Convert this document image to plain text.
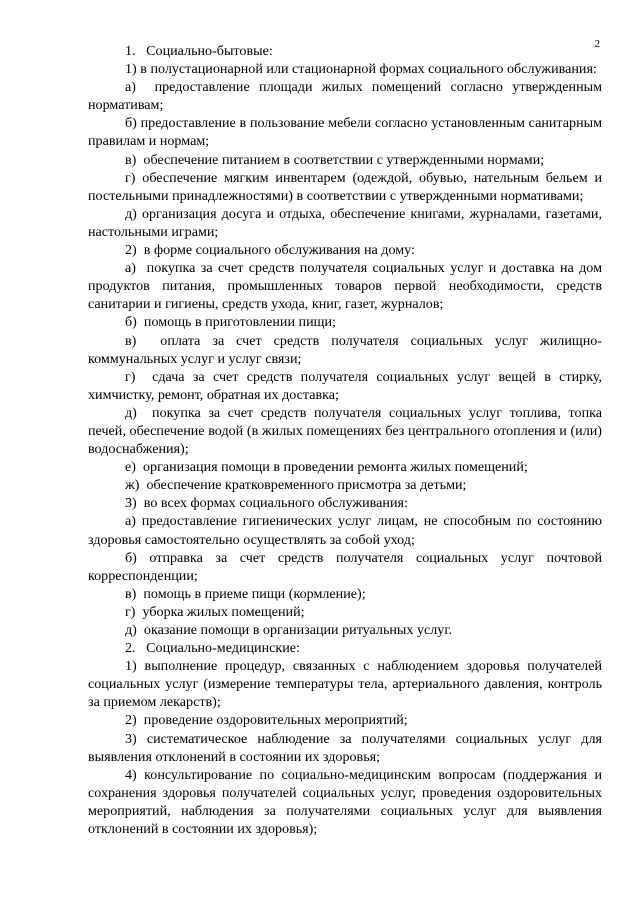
2

1.   Социально-бытовые:

1) в полустационарной или стационарной формах социального обслуживания:

а)  предоставление площади жилых помещений согласно утвержденным нормативам;

б) предоставление в пользование мебели согласно установленным санитарным правилам и нормам;

в)  обеспечение питанием в соответствии с утвержденными нормами;

г) обеспечение мягким инвентарем (одеждой, обувью, нательным бельем и постельными принадлежностями) в соответствии с утвержденными нормативами;

д) организация досуга и отдыха, обеспечение книгами, журналами, газетами, настольными играми;

2)  в форме социального обслуживания на дому:

а)  покупка за счет средств получателя социальных услуг и доставка на дом продуктов питания, промышленных товаров первой необходимости, средств санитарии и гигиены, средств ухода, книг, газет, журналов;

б)  помощь в приготовлении пищи;

в)  оплата за счет средств получателя социальных услуг жилищно-коммунальных услуг и услуг связи;

г)  сдача за счет средств получателя социальных услуг вещей в стирку, химчистку, ремонт, обратная их доставка;

д)  покупка за счет средств получателя социальных услуг топлива, топка печей, обеспечение водой (в жилых помещениях без центрального отопления и (или) водоснабжения);

е)  организация помощи в проведении ремонта жилых помещений;

ж)  обеспечение кратковременного присмотра за детьми;

3)  во всех формах социального обслуживания:

а) предоставление гигиенических услуг лицам, не способным по состоянию здоровья самостоятельно осуществлять за собой уход;

б) отправка за счет средств получателя социальных услуг почтовой корреспонденции;

в)  помощь в приеме пищи (кормление);

г)  уборка жилых помещений;

д)  оказание помощи в организации ритуальных услуг.

2.   Социально-медицинские:

1) выполнение процедур, связанных с наблюдением здоровья получателей социальных услуг (измерение температуры тела, артериального давления, контроль за приемом лекарств);

2)  проведение оздоровительных мероприятий;

3) систематическое наблюдение за получателями социальных услуг для выявления отклонений в состоянии их здоровья;

4) консультирование по социально-медицинским вопросам (поддержания и сохранения здоровья получателей социальных услуг, проведения оздоровительных мероприятий, наблюдения за получателями социальных услуг для выявления отклонений в состоянии их здоровья);
